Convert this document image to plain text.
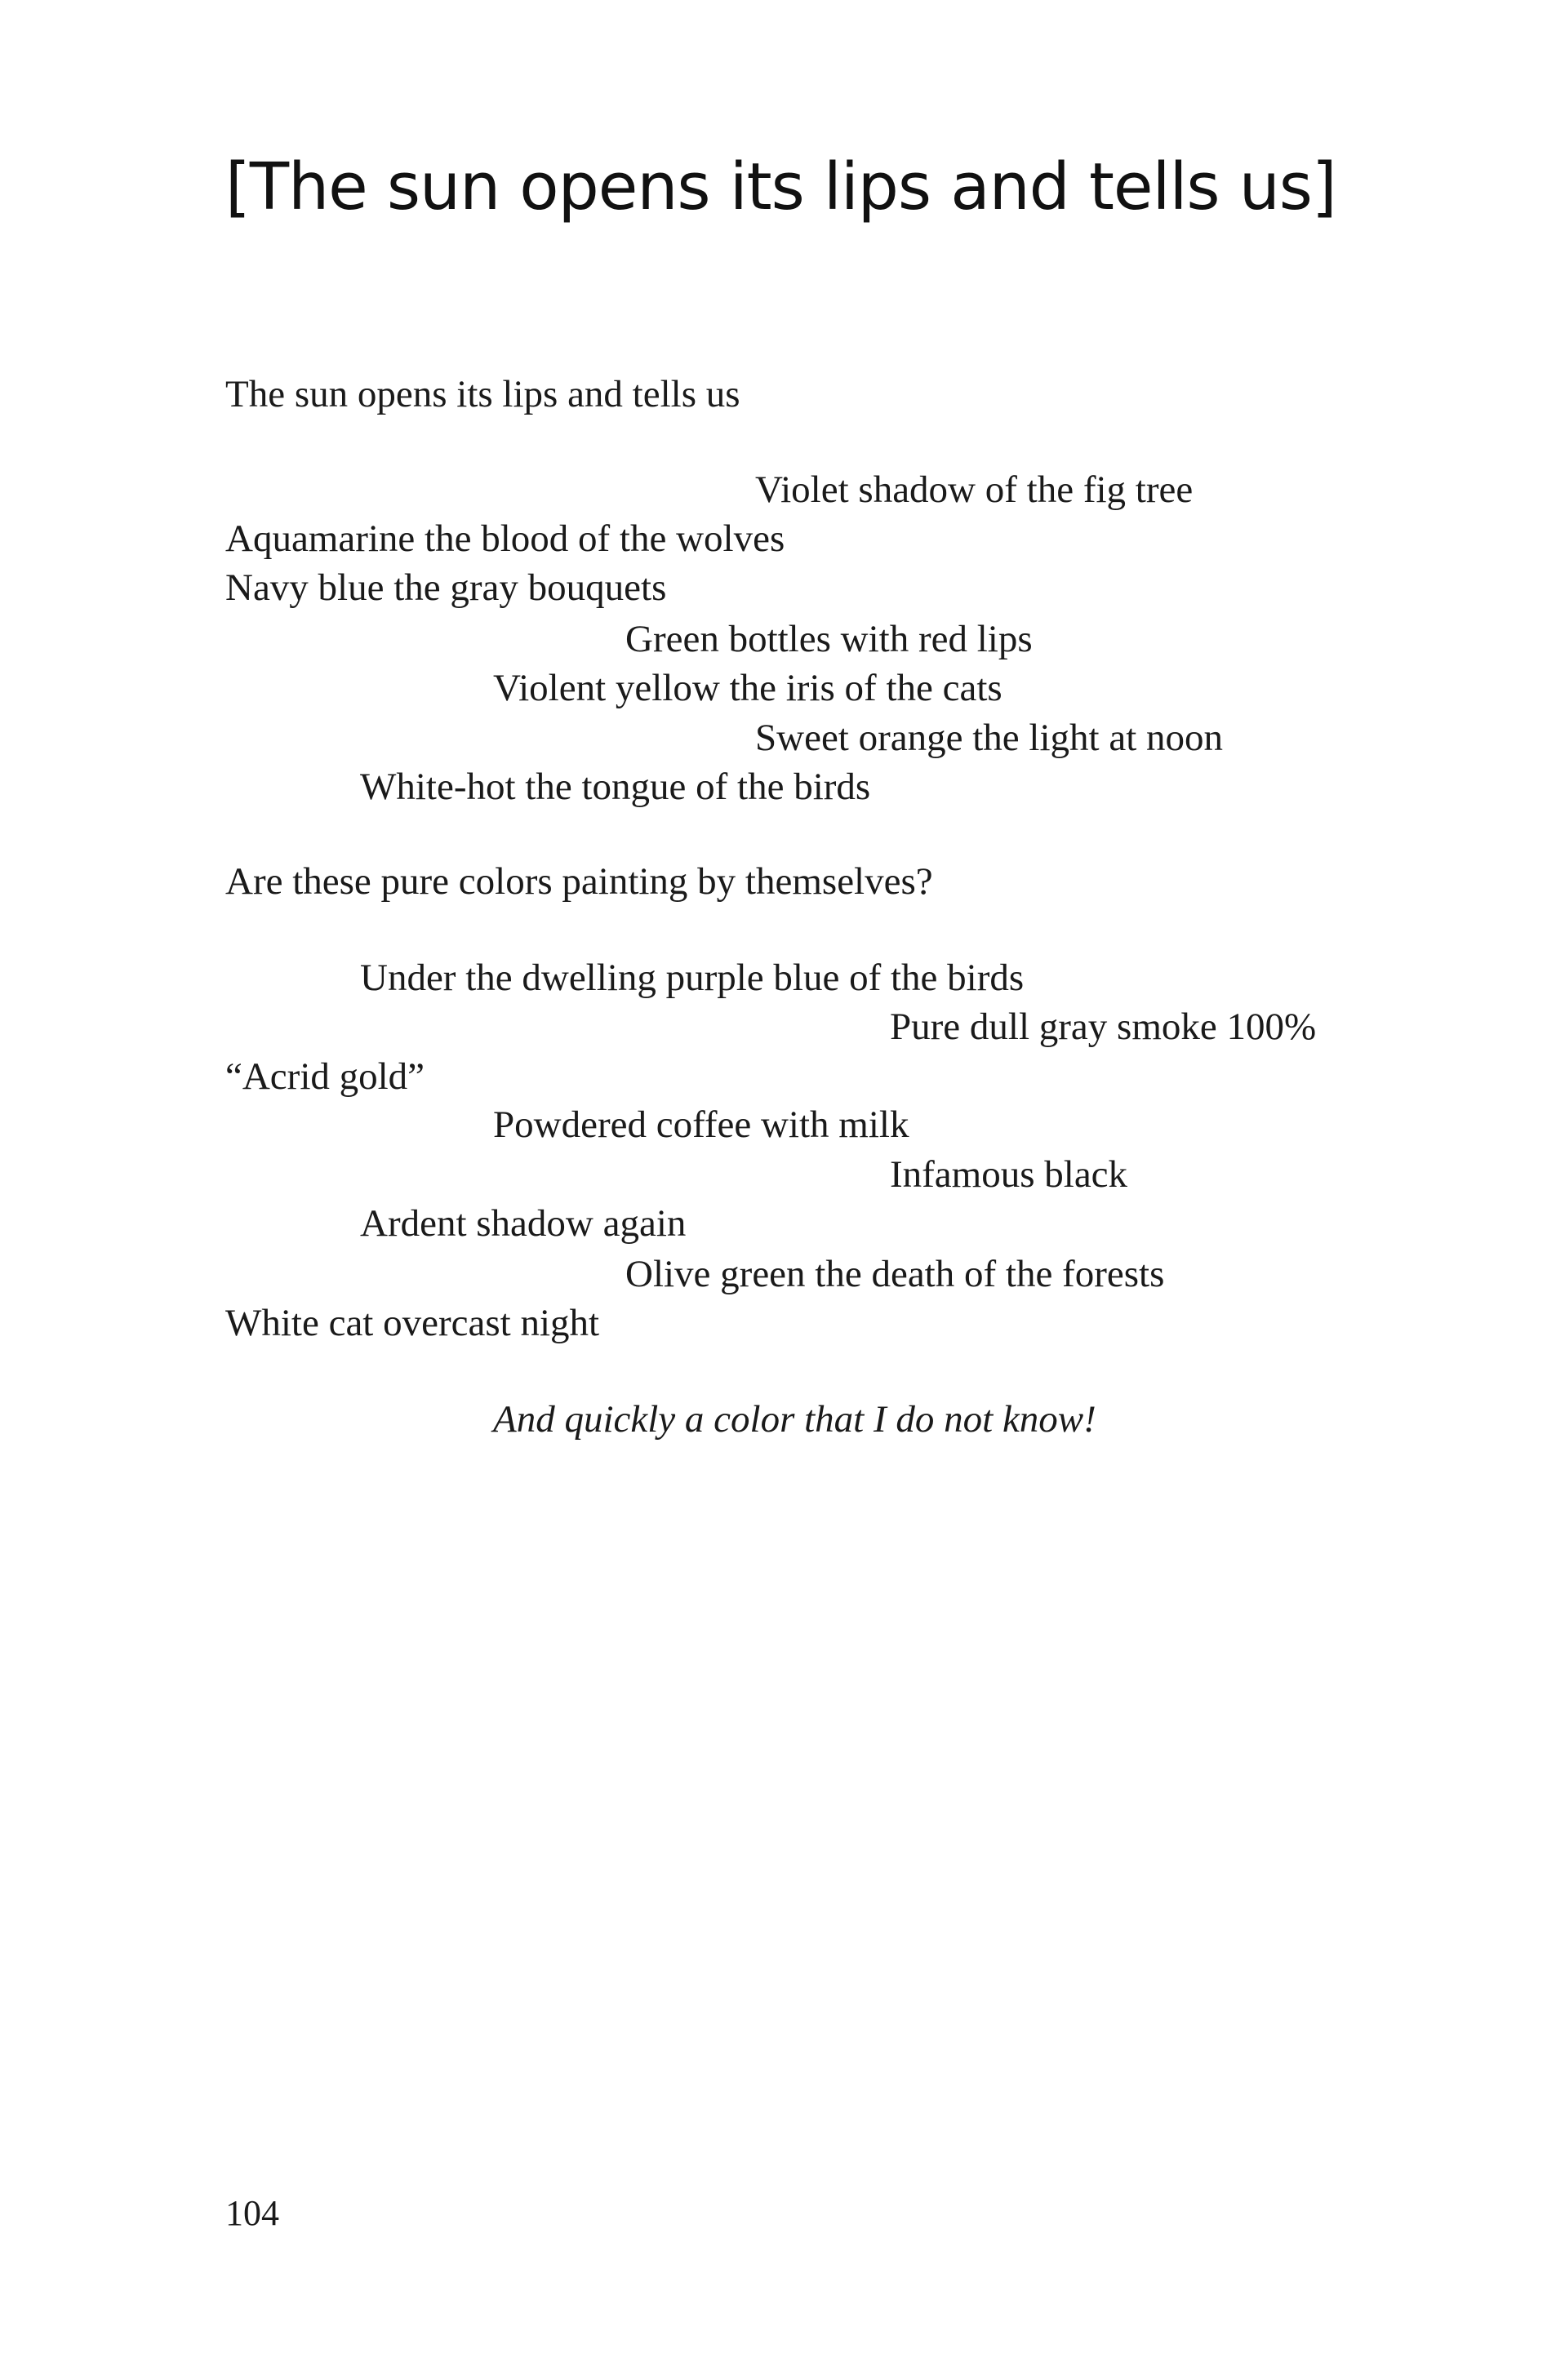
[The sun opens its lips and tells us]

The sun opens its lips and tells us

Violet shadow of the fig tree

Aquamarine the blood of the wolves

Navy blue the gray bouquets

Green bottles with red lips

Violent yellow the iris of the cats

Sweet orange the light at noon

White-hot the tongue of the birds

Are these pure colors painting by themselves?

Under the dwelling purple blue of the birds

Pure dull gray smoke 100%

“Acrid gold”

Powdered coffee with milk

Infamous black

Ardent shadow again

Olive green the death of the forests

White cat overcast night

And quickly a color that I do not know!

104
